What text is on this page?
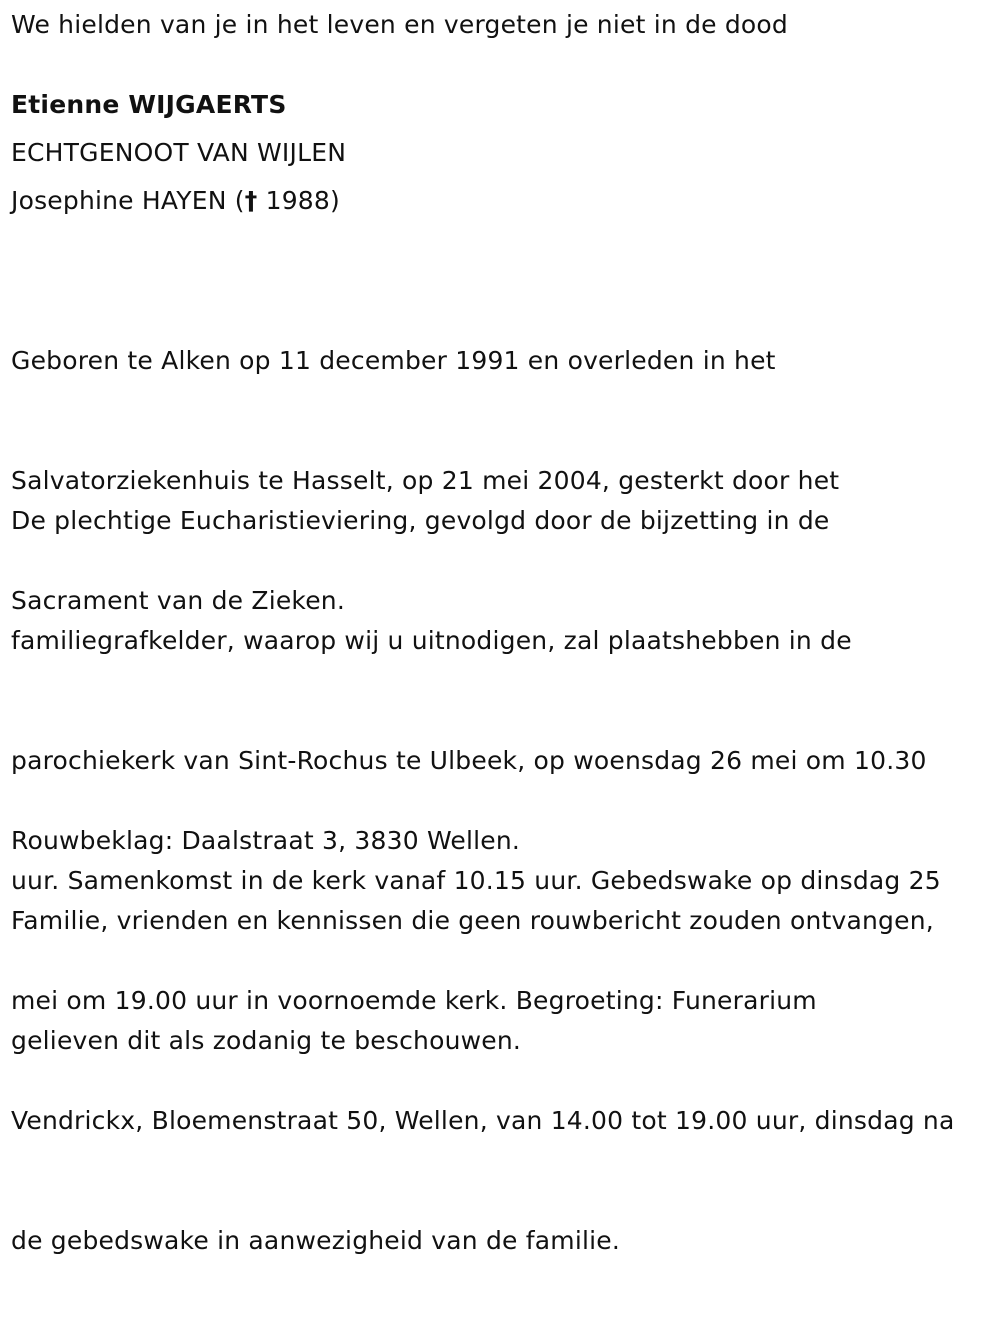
We hielden van je in het leven en vergeten je niet in de dood
Etienne WIJGAERTS
ECHTGENOOT VAN WIJLEN
Josephine HAYEN († 1988)

Geboren te Alken op 11 december 1991 en overleden in het

Salvatorziekenhuis te Hasselt, op 21 mei 2004, gesterkt door het

Sacrament van de Zieken.

De plechtige Eucharistieviering, gevolgd door de bijzetting in de

familiegrafkelder, waarop wij u uitnodigen, zal plaatshebben in de

parochiekerk van Sint-Rochus te Ulbeek, op woensdag 26 mei om 10.30

uur. Samenkomst in de kerk vanaf 10.15 uur. Gebedswake op dinsdag 25

mei om 19.00 uur in voornoemde kerk. Begroeting: Funerarium

Vendrickx, Bloemenstraat 50, Wellen, van 14.00 tot 19.00 uur, dinsdag na

de gebedswake in aanwezigheid van de familie.

Rouwbeklag: Daalstraat 3, 3830 Wellen.

Familie, vrienden en kennissen die geen rouwbericht zouden ontvangen,

gelieven dit als zodanig te beschouwen.
